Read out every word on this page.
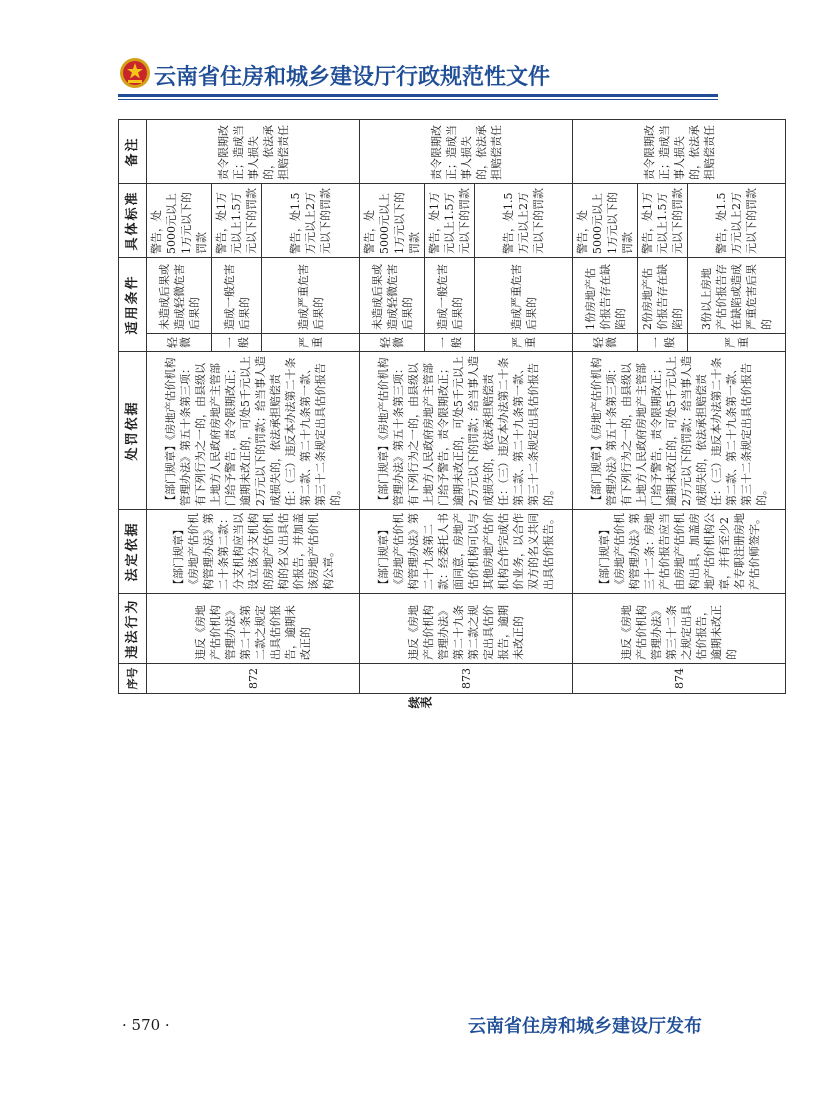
云南省住房和城乡建设厅行政规范性文件
续表
序号	违法行为	法定依据	处罚依据	适用条件		具体标准	备注
872	违反《房地产估价机构管理办法》第二十条第二款之规定出具估价报告，逾期未改正的	【部门规章】《房地产估价机构管理办法》第二十条第二款：分支机构应当以设立该分支机构的房地产估价机构的名义出具估价报告，并加盖该房地产估价机构公章。	【部门规章】《房地产估价机构管理办法》第五十条第三项：有下列行为之一的，由县级以上地方人民政府房地产主管部门给予警告，责令限期改正；逾期未改正的，可处5千元以上2万元以下的罚款；给当事人造成损失的，依法承担赔偿责任：（三）违反本办法第二十条第二款、第二十九条第一款、第三十二条规定出具估价报告的。	轻微	未造成后果或造成轻微危害后果的	警告，处5000元以上1万元以下的罚款	责令限期改正；造成当事人损失的，依法承担赔偿责任
				一般	造成一般危害后果的	警告，处1万元以上1.5万元以下的罚款	
				严重	造成严重危害后果的	警告，处1.5万元以上2万元以下的罚款	
873	违反《房地产估价机构管理办法》第二十九条第二款之规定出具估价报告，逾期未改正的	【部门规章】《房地产估价机构管理办法》第二十九条第二款：经委托人书面同意，房地产估价机构可以与其他房地产估价机构合作完成估价业务，以合作双方的名义共同出具估价报告。	【部门规章】《房地产估价机构管理办法》第五十条第三项：有下列行为之一的，由县级以上地方人民政府房地产主管部门给予警告，责令限期改正；逾期未改正的，可处5千元以上2万元以下的罚款；给当事人造成损失的，依法承担赔偿责任：（三）违反本办法第二十条第二款、第二十九条第一款、第三十二条规定出具估价报告的。	轻微	未造成后果或造成轻微危害后果的	警告，处5000元以上1万元以下的罚款	责令限期改正；造成当事人损失的，依法承担赔偿责任
				一般	造成一般危害后果的	警告，处1万元以上1.5万元以下的罚款	
				严重	造成严重危害后果的	警告，处1.5万元以上2万元以下的罚款	
874	违反《房地产估价机构管理办法》第三十二条之规定出具估价报告，逾期未改正的	【部门规章】《房地产估价机构管理办法》第三十二条：房地产估价报告应当由房地产估价机构出具，加盖房地产估价机构公章，并有至少2名专职注册房地产估价师签字。	【部门规章】《房地产估价机构管理办法》第五十条第三项：有下列行为之一的，由县级以上地方人民政府房地产主管部门给予警告，责令限期改正；逾期未改正的，可处5千元以上2万元以下的罚款；给当事人造成损失的，依法承担赔偿责任：（三）违反本办法第二十条第二款、第二十九条第一款、第三十二条规定出具估价报告的。	轻微	1份房地产估价报告存在缺陷的	警告，处5000元以上1万元以下的罚款	责令限期改正；造成当事人损失的，依法承担赔偿责任
				一般	2份房地产估价报告存在缺陷的	警告，处1万元以上1.5万元以下的罚款	
				严重	3份以上房地产估价报告存在缺陷或造成严重危害后果的	警告，处1.5万元以上2万元以下的罚款	
· 570 ·	云南省住房和城乡建设厅发布
